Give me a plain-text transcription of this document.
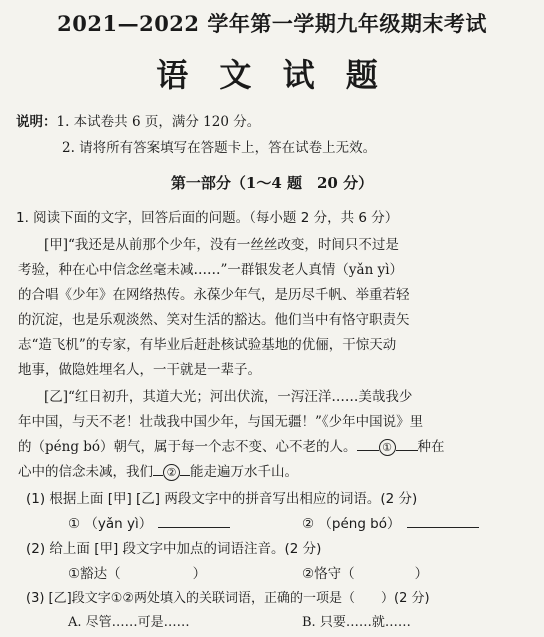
2021—2022 学年第一学期九年级期末考试
语 文 试 题
说明：1. 本试卷共 6 页，满分 120 分。
2. 请将所有答案填写在答题卡上，答在试卷上无效。
第一部分（1～4 题　20 分）
1. 阅读下面的文字，回答后面的问题。（每小题 2 分，共 6 分）
[甲]“我还是从前那个少年，没有一丝丝改变，时间只不过是
考验，种在心中信念丝毫未减……”一群银发老人真情（yǎn yì）
的合唱《少年》在网络热传。永葆少年气，是历尽千帆、举重若轻
的沉淀，也是乐观淡然、笑对生活的豁达。他们当中有恪守职责矢
志“造飞机”的专家，有毕业后赶赴核试验基地的优俪，干惊天动
地事，做隐姓埋名人，一干就是一辈子。
[乙]“红日初升，其道大光；河出伏流，一泻汪洋……美哉我少
年中国，与天不老！壮哉我中国少年，与国无疆！”《少年中国说》里
的（péng bó）朝气，属于每一个志不变、心不老的人。 ① 种在
心中的信念未减，我们 ② 能走遍万水千山。
(1) 根据上面 [甲] [乙] 两段文字中的拼音写出相应的词语。(2 分)
① （yǎn yì）	② （péng bó）
(2) 给上面 [甲] 段文字中加点的词语注音。(2 分)
①豁达（	）	②恪守（	）
(3) [乙]段文字①②两处填入的关联词语，正确的一项是（ ）(2 分)
A. 尽管……可是……	B. 只要……就……
